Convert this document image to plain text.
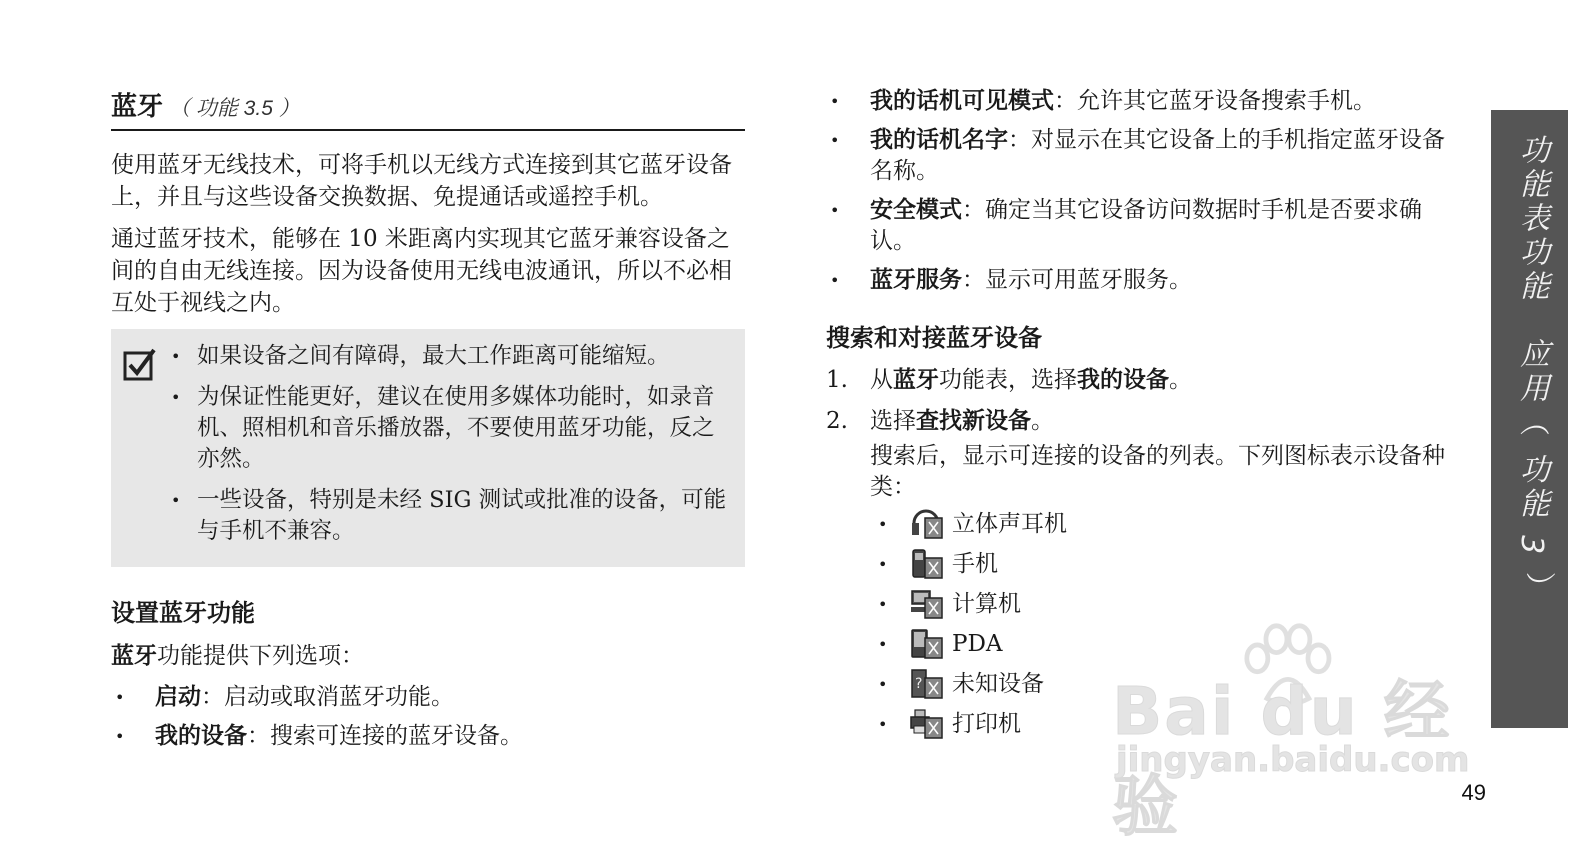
蓝牙 （ 功能 3.5 ）

使用蓝牙无线技术，可将手机以无线方式连接到其它蓝牙设备上，并且与这些设备交换数据、免提通话或遥控手机。

通过蓝牙技术，能够在 10 米距离内实现其它蓝牙兼容设备之间的自由无线连接。因为设备使用无线电波通讯，所以不必相互处于视线之内。

• 如果设备之间有障碍，最大工作距离可能缩短。
• 为保证性能更好，建议在使用多媒体功能时，如录音机、照相机和音乐播放器，不要使用蓝牙功能，反之亦然。
• 一些设备，特别是未经 SIG 测试或批准的设备，可能与手机不兼容。
设置蓝牙功能

蓝牙功能提供下列选项：

• 启动：启动或取消蓝牙功能。
• 我的设备：搜索可连接的蓝牙设备。
• 我的话机可见模式：允许其它蓝牙设备搜索手机。
• 我的话机名字：对显示在其它设备上的手机指定蓝牙设备名称。
• 安全模式：确定当其它设备访问数据时手机是否要求确认。
• 蓝牙服务：显示可用蓝牙服务。
搜索和对接蓝牙设备
1. 从蓝牙功能表，选择我的设备。
2. 选择查找新设备。
搜索后，显示可连接的设备的列表。下列图标表示设备种类：
• 立体声耳机
• 手机
• 计算机
• PDA
• ? 未知设备
• 打印机
功能表功能　应用（ 功能 3 ）
Bai du 经验
jingyan.baidu.com
49
